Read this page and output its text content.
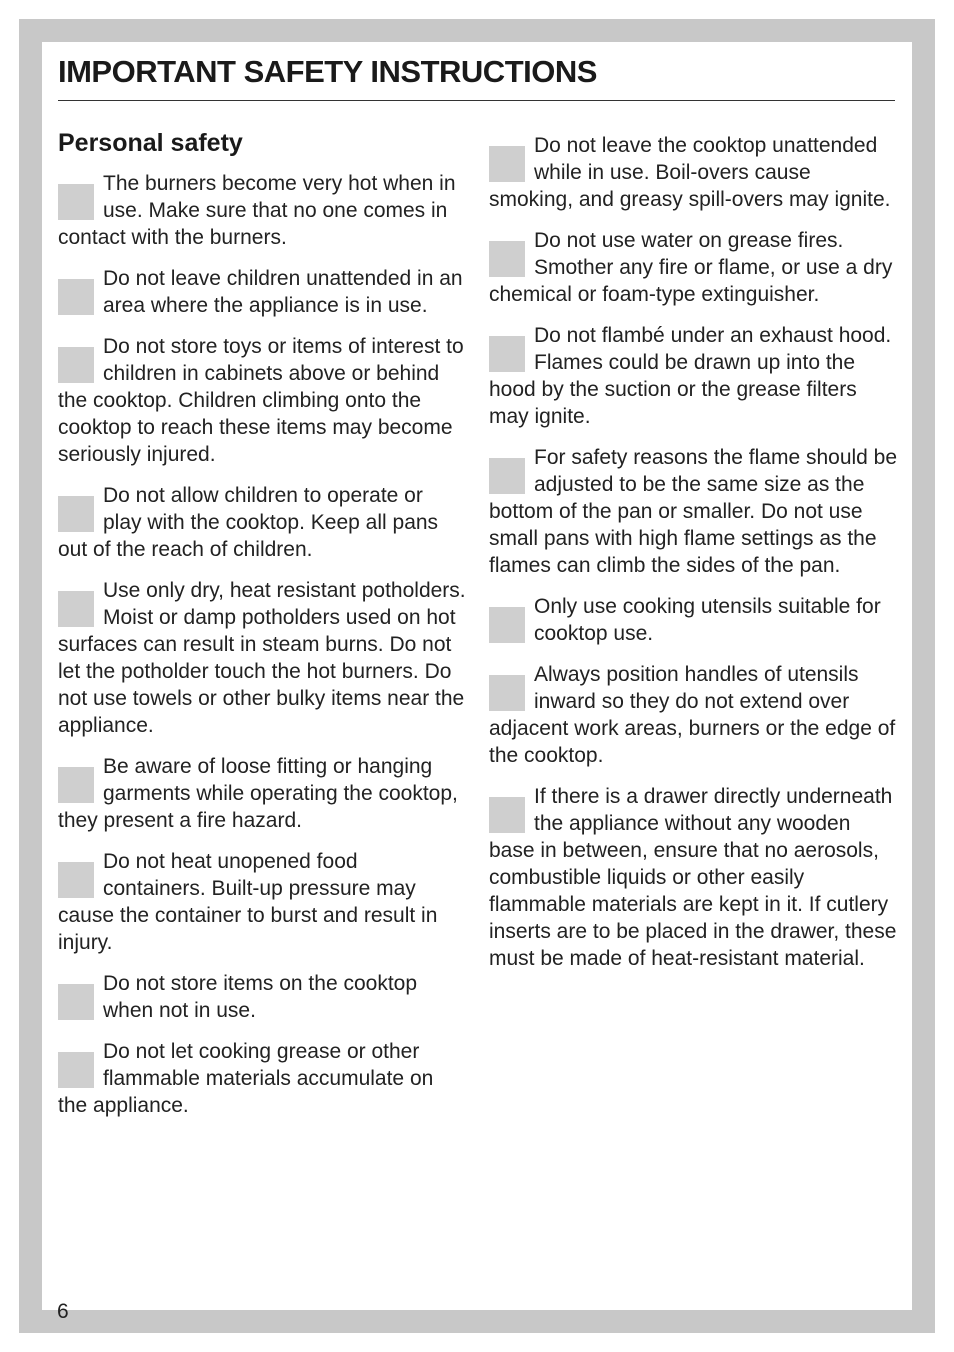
IMPORTANT SAFETY INSTRUCTIONS
Personal safety

The burners become very hot when in use. Make sure that no one comes in contact with the burners.

Do not leave children unattended in an area where the appliance is in use.

Do not store toys or items of interest to children in cabinets above or behind the cooktop. Children climbing onto the cooktop to reach these items may become seriously injured.

Do not allow children to operate or play with the cooktop. Keep all pans out of the reach of children.

Use only dry, heat resistant potholders. Moist or damp potholders used on hot surfaces can result in steam burns. Do not let the potholder touch the hot burners. Do not use towels or other bulky items near the appliance.

Be aware of loose fitting or hanging garments while operating the cooktop, they present a fire hazard.

Do not heat unopened food containers. Built-up pressure may cause the container to burst and result in injury.

Do not store items on the cooktop when not in use.

Do not let cooking grease or other flammable materials accumulate on the appliance.

Do not leave the cooktop unattended while in use. Boil-overs cause smoking, and greasy spill-overs may ignite.

Do not use water on grease fires. Smother any fire or flame, or use a dry chemical or foam-type extinguisher.

Do not flambé under an exhaust hood. Flames could be drawn up into the hood by the suction or the grease filters may ignite.

For safety reasons the flame should be adjusted to be the same size as the bottom of the pan or smaller. Do not use small pans with high flame settings as the flames can climb the sides of the pan.

Only use cooking utensils suitable for cooktop use.

Always position handles of utensils inward so they do not extend over adjacent work areas, burners or the edge of the cooktop.

If there is a drawer directly underneath the appliance without any wooden base in between, ensure that no aerosols, combustible liquids or other easily flammable materials are kept in it. If cutlery inserts are to be placed in the drawer, these must be made of heat-resistant material.

6
